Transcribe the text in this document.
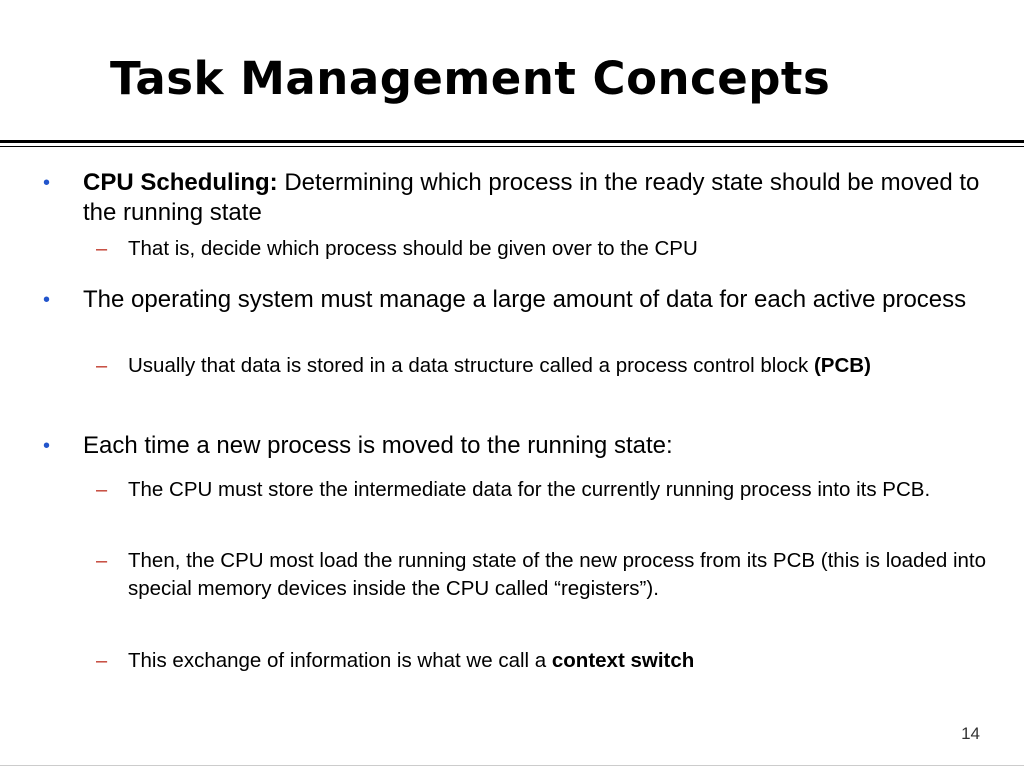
Task Management Concepts
• CPU Scheduling: Determining which process in the ready state should be moved to the running state
– That is, decide which process should be given over to the CPU
• The operating system must manage a large amount of data for each active process
– Usually that data is stored in a data structure called a process control block (PCB)
• Each time a new process is moved to the running state:
– The CPU must store the intermediate data for the currently running process into its PCB.
– Then, the CPU most load the running state of the new process from its PCB (this is loaded into special memory devices inside the CPU called “registers”).
– This exchange of information is what we call a context switch
14
